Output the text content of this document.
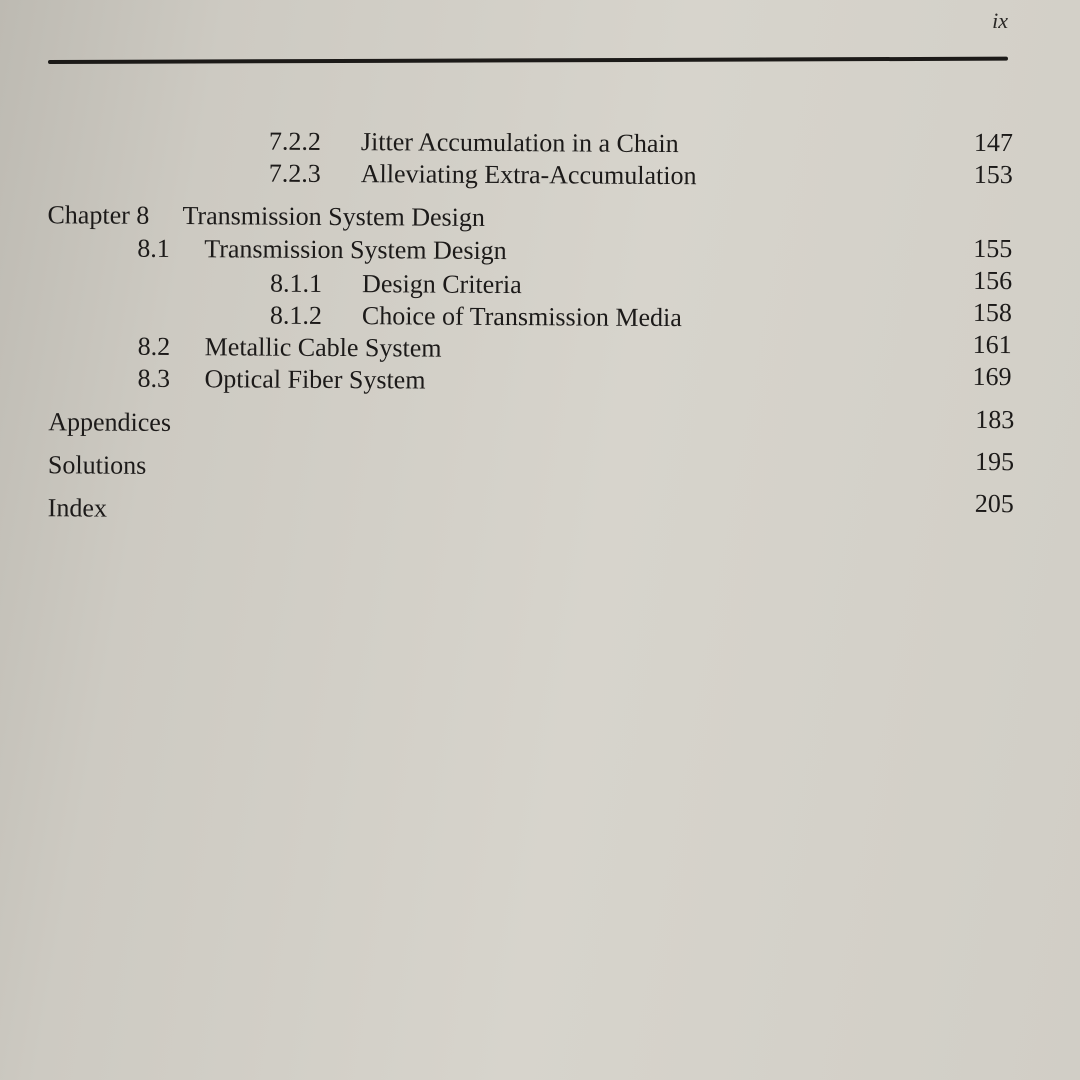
ix
7.2.2 Jitter Accumulation in a Chain	147
7.2.3 Alleviating Extra-Accumulation	153
Chapter 8 Transmission System Design
8.1 Transmission System Design	155
8.1.1 Design Criteria	156
8.1.2 Choice of Transmission Media	158
8.2 Metallic Cable System	161
8.3 Optical Fiber System	169
Appendices	183
Solutions	195
Index	205
